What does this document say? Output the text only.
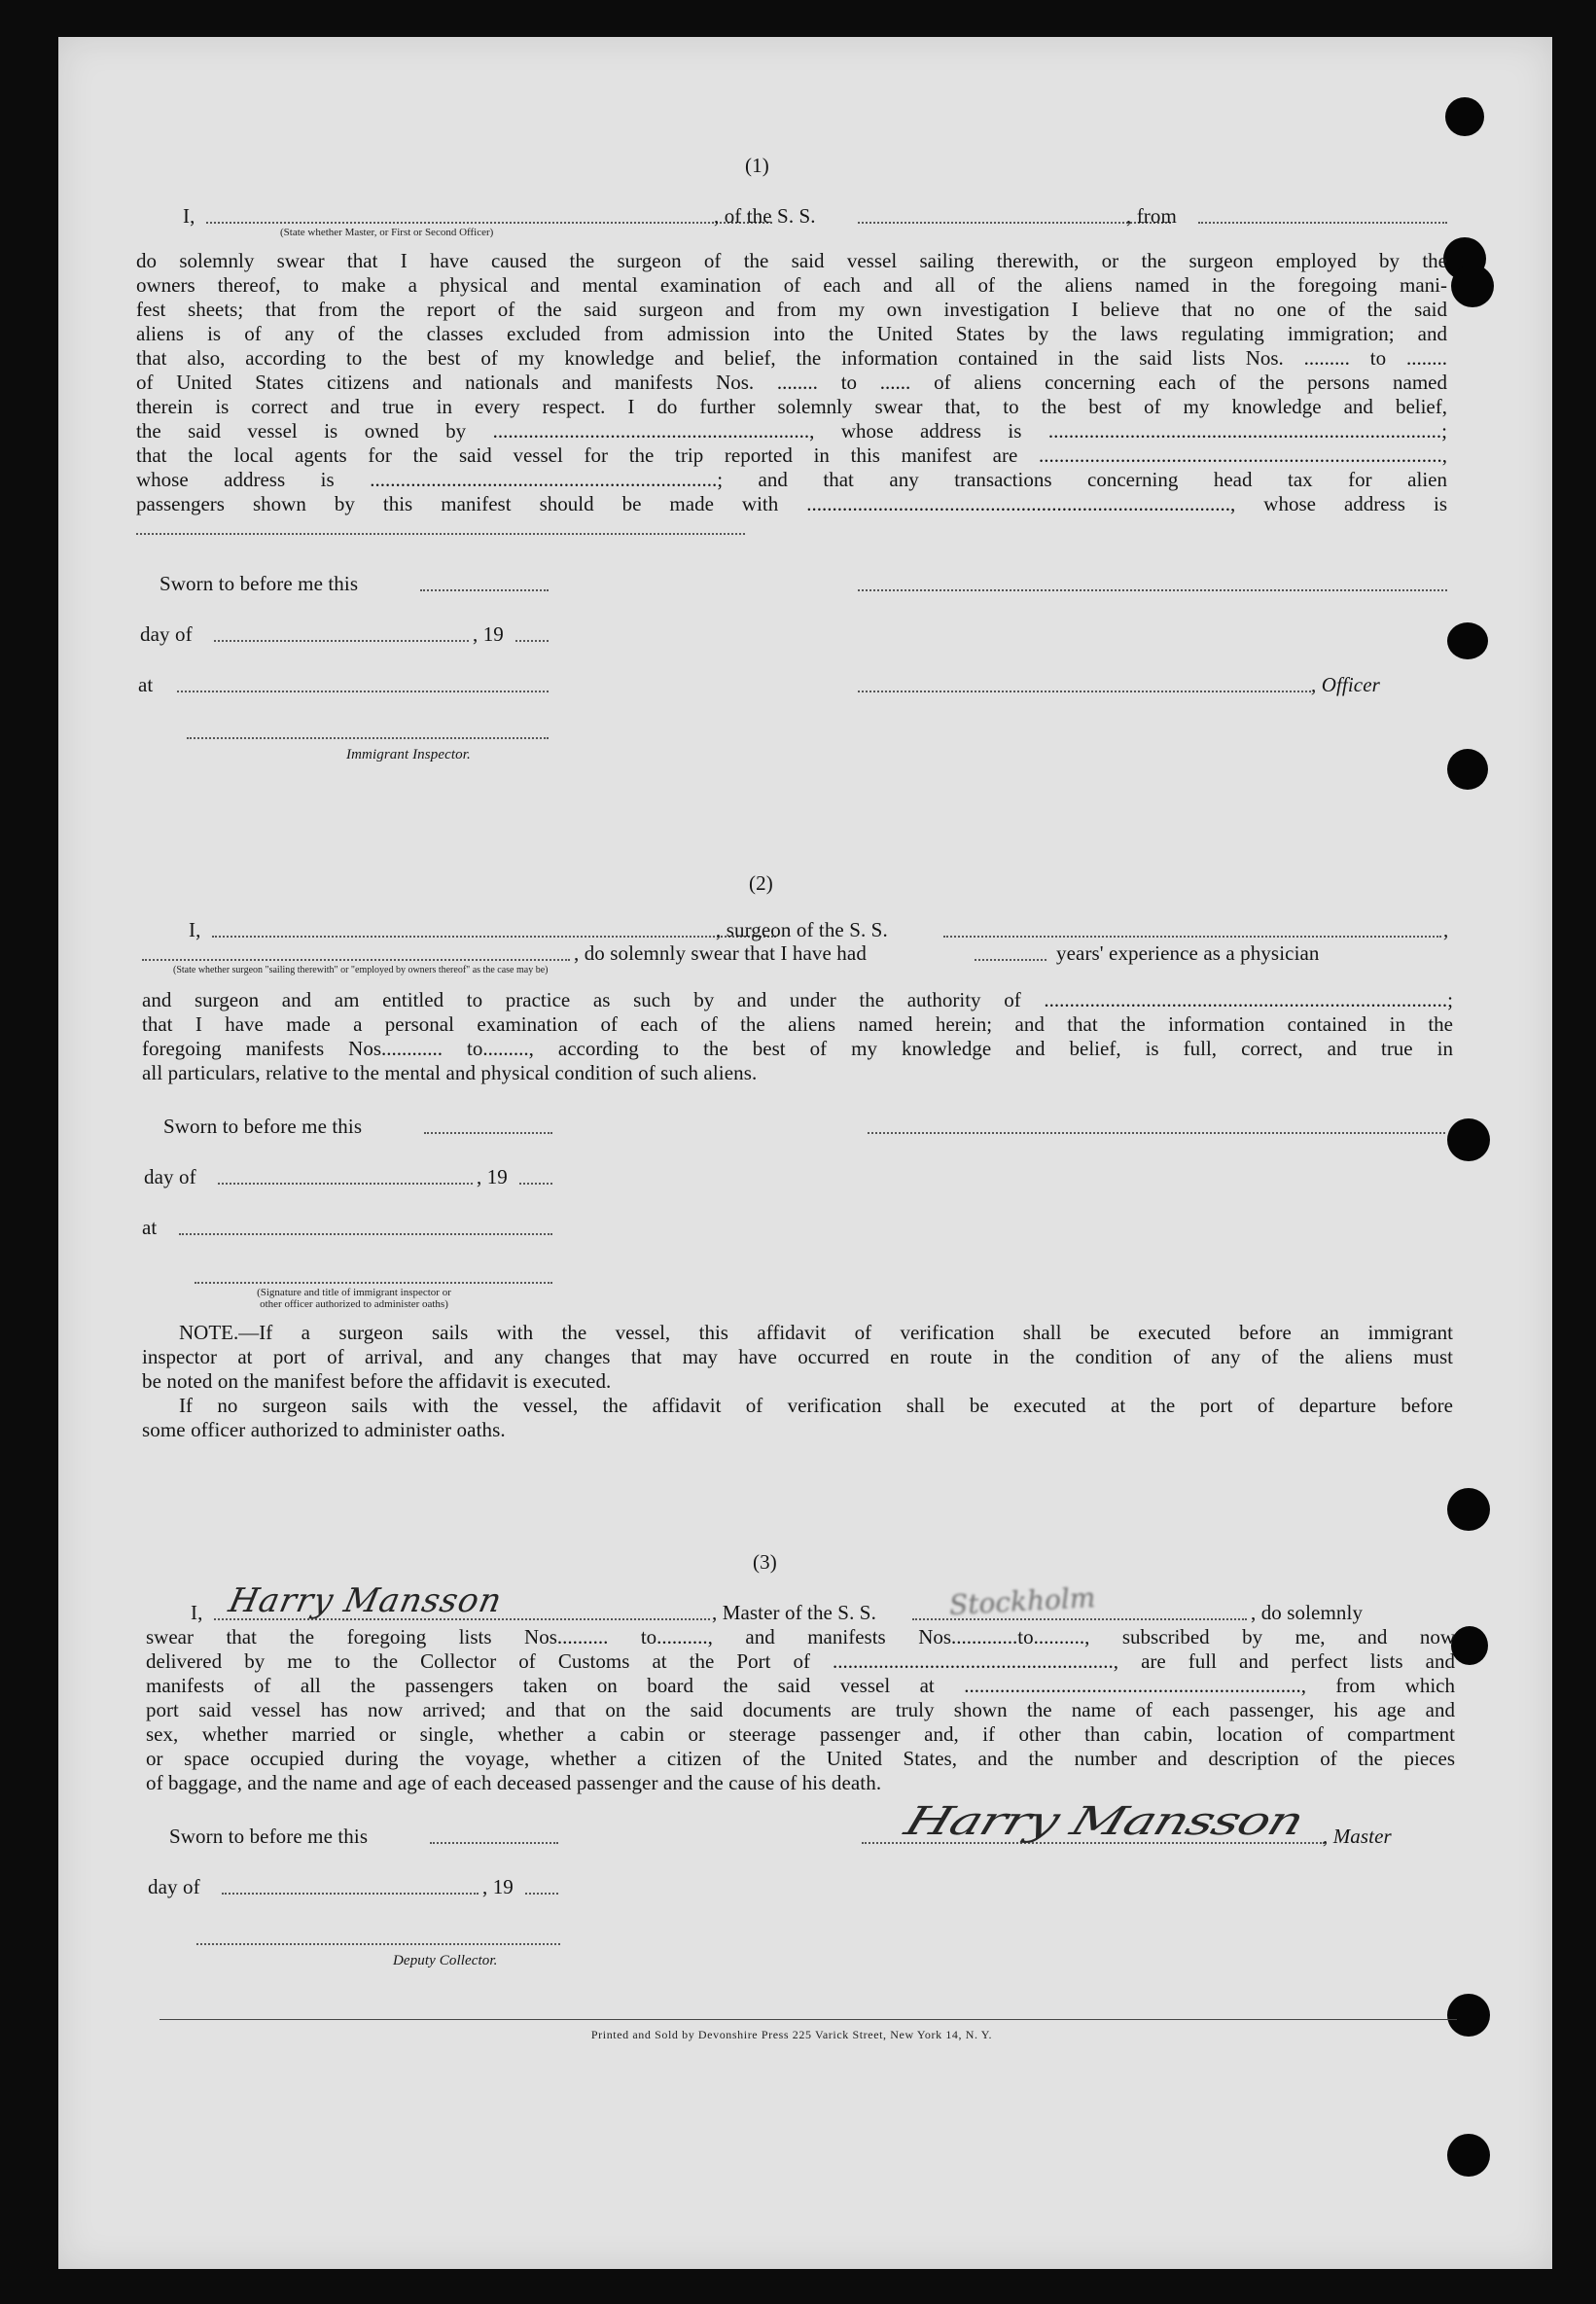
(1)
I,
(State whether Master, or First or Second Officer)
, of the S. S.	, from
do solemnly swear that I have caused the surgeon of the said vessel sailing therewith, or the surgeon employed by the
owners thereof, to make a physical and mental examination of each and all of the aliens named in the foregoing mani-
fest sheets; that from the report of the said surgeon and from my own investigation I believe that no one of the said
aliens is of any of the classes excluded from admission into the United States by the laws regulating immigration; and
that also, according to the best of my knowledge and belief, the information contained in the said lists Nos. ......... to ........
of United States citizens and nationals and manifests Nos. ........ to ...... of aliens concerning each of the persons named
therein is correct and true in every respect. I do further solemnly swear that, to the best of my knowledge and belief,
the said vessel is owned by .............................................................., whose address is .............................................................................;
that the local agents for the said vessel for the trip reported in this manifest are ...............................................................................,
whose address is ....................................................................; and that any transactions concerning head tax for alien
passengers shown by this manifest should be made with ..................................................................................., whose address is
Sworn to before me this
day of	, 19
at	, Officer
Immigrant Inspector.
(2)
I,	, surgeon of the S. S.	,
, do solemnly swear that I have had	years' experience as a physician
(State whether surgeon "sailing therewith" or "employed by owners thereof" as the case may be)
and surgeon and am entitled to practice as such by and under the authority of ...............................................................................;
that I have made a personal examination of each of the aliens named herein; and that the information contained in the
foregoing manifests Nos............ to........., according to the best of my knowledge and belief, is full, correct, and true in
all particulars, relative to the mental and physical condition of such aliens.
Sworn to before me this
day of	, 19
at
(Signature and title of immigrant inspector or
other officer authorized to administer oaths)
NOTE.—If a surgeon sails with the vessel, this affidavit of verification shall be executed before an immigrant
inspector at port of arrival, and any changes that may have occurred en route in the condition of any of the aliens must
be noted on the manifest before the affidavit is executed.
If no surgeon sails with the vessel, the affidavit of verification shall be executed at the port of departure before
some officer authorized to administer oaths.
(3)
I, Harry Mansson	, Master of the S. S.	Stockholm	, do solemnly
swear that the foregoing lists Nos.......... to.........., and manifests Nos.............to.........., subscribed by me, and now
delivered by me to the Collector of Customs at the Port of ......................................................., are full and perfect lists and
manifests of all the passengers taken on board the said vessel at .................................................................., from which
port said vessel has now arrived; and that on the said documents are truly shown the name of each passenger, his age and
sex, whether married or single, whether a cabin or steerage passenger and, if other than cabin, location of compartment
or space occupied during the voyage, whether a citizen of the United States, and the number and description of the pieces
of baggage, and the name and age of each deceased passenger and the cause of his death.
Sworn to before me this	Harry Mansson , Master
day of	, 19
Deputy Collector.
Printed and Sold by Devonshire Press 225 Varick Street, New York 14, N. Y.
